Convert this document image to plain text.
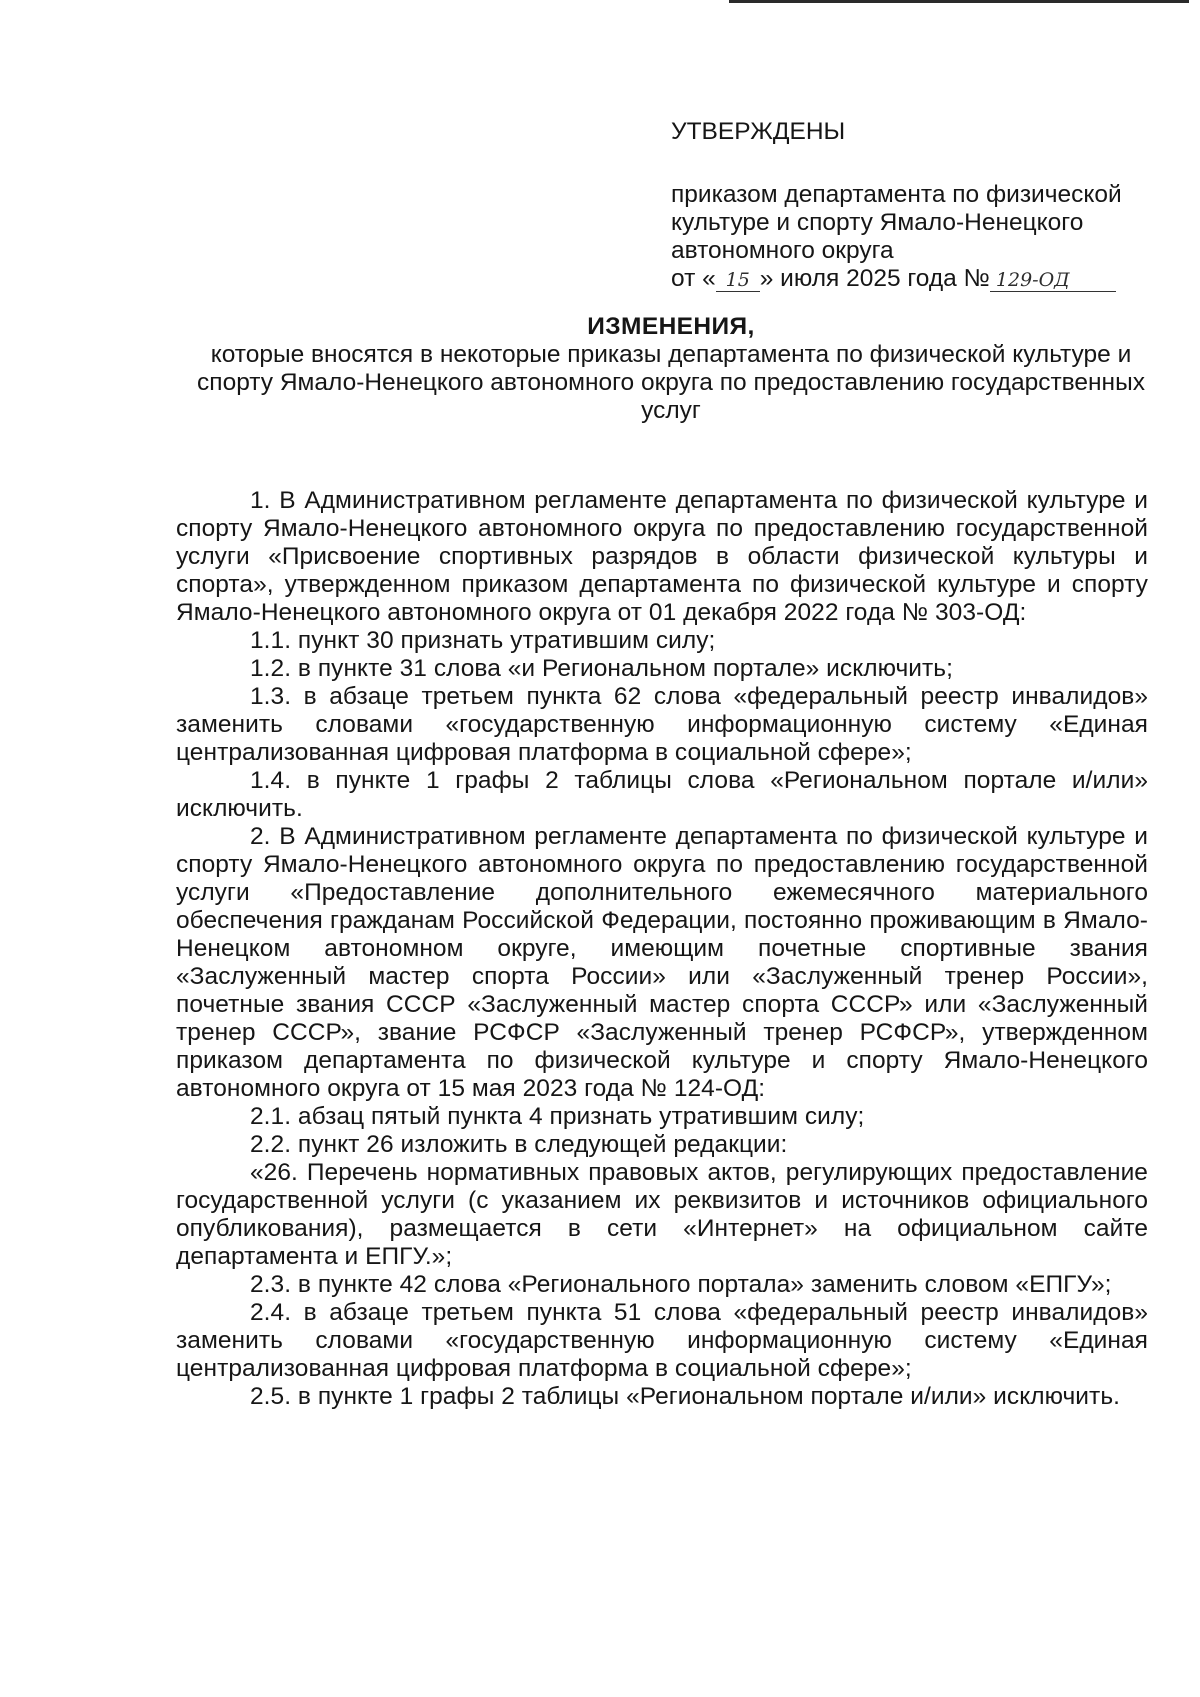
УТВЕРЖДЕНЫ
приказом департамента по физической
культуре и спорту Ямало-Ненецкого
автономного округа
от « 15 » июля 2025 года № 129-ОД
ИЗМЕНЕНИЯ,
которые вносятся в некоторые приказы департамента по физической культуре и спорту Ямало-Ненецкого автономного округа по предоставлению государственных услуг

1. В Административном регламенте департамента по физической культуре и спорту Ямало-Ненецкого автономного округа по предоставлению государственной услуги «Присвоение спортивных разрядов в области физической культуры и спорта», утвержденном приказом департамента по физической культуре и спорту Ямало-Ненецкого автономного округа от 01 декабря 2022 года № 303-ОД:

1.1. пункт 30 признать утратившим силу;

1.2. в пункте 31 слова «и Региональном портале» исключить;

1.3. в абзаце третьем пункта 62 слова «федеральный реестр инвалидов» заменить словами «государственную информационную систему «Единая централизованная цифровая платформа в социальной сфере»;

1.4. в пункте 1 графы 2 таблицы слова «Региональном портале и/или» исключить.

2. В Административном регламенте департамента по физической культуре и спорту Ямало-Ненецкого автономного округа по предоставлению государственной услуги «Предоставление дополнительного ежемесячного материального обеспечения гражданам Российской Федерации, постоянно проживающим в Ямало-Ненецком автономном округе, имеющим почетные спортивные звания «Заслуженный мастер спорта России» или «Заслуженный тренер России», почетные звания СССР «Заслуженный мастер спорта СССР» или «Заслуженный тренер СССР», звание РСФСР «Заслуженный тренер РСФСР», утвержденном приказом департамента по физической культуре и спорту Ямало-Ненецкого автономного округа от 15 мая 2023 года № 124-ОД:

2.1. абзац пятый пункта 4 признать утратившим силу;

2.2. пункт 26 изложить в следующей редакции:

«26. Перечень нормативных правовых актов, регулирующих предоставление государственной услуги (с указанием их реквизитов и источников официального опубликования), размещается в сети «Интернет» на официальном сайте департамента и ЕПГУ.»;

2.3. в пункте 42 слова «Регионального портала» заменить словом «ЕПГУ»;

2.4. в абзаце третьем пункта 51 слова «федеральный реестр инвалидов» заменить словами «государственную информационную систему «Единая централизованная цифровая платформа в социальной сфере»;

2.5. в пункте 1 графы 2 таблицы «Региональном портале и/или» исключить.
